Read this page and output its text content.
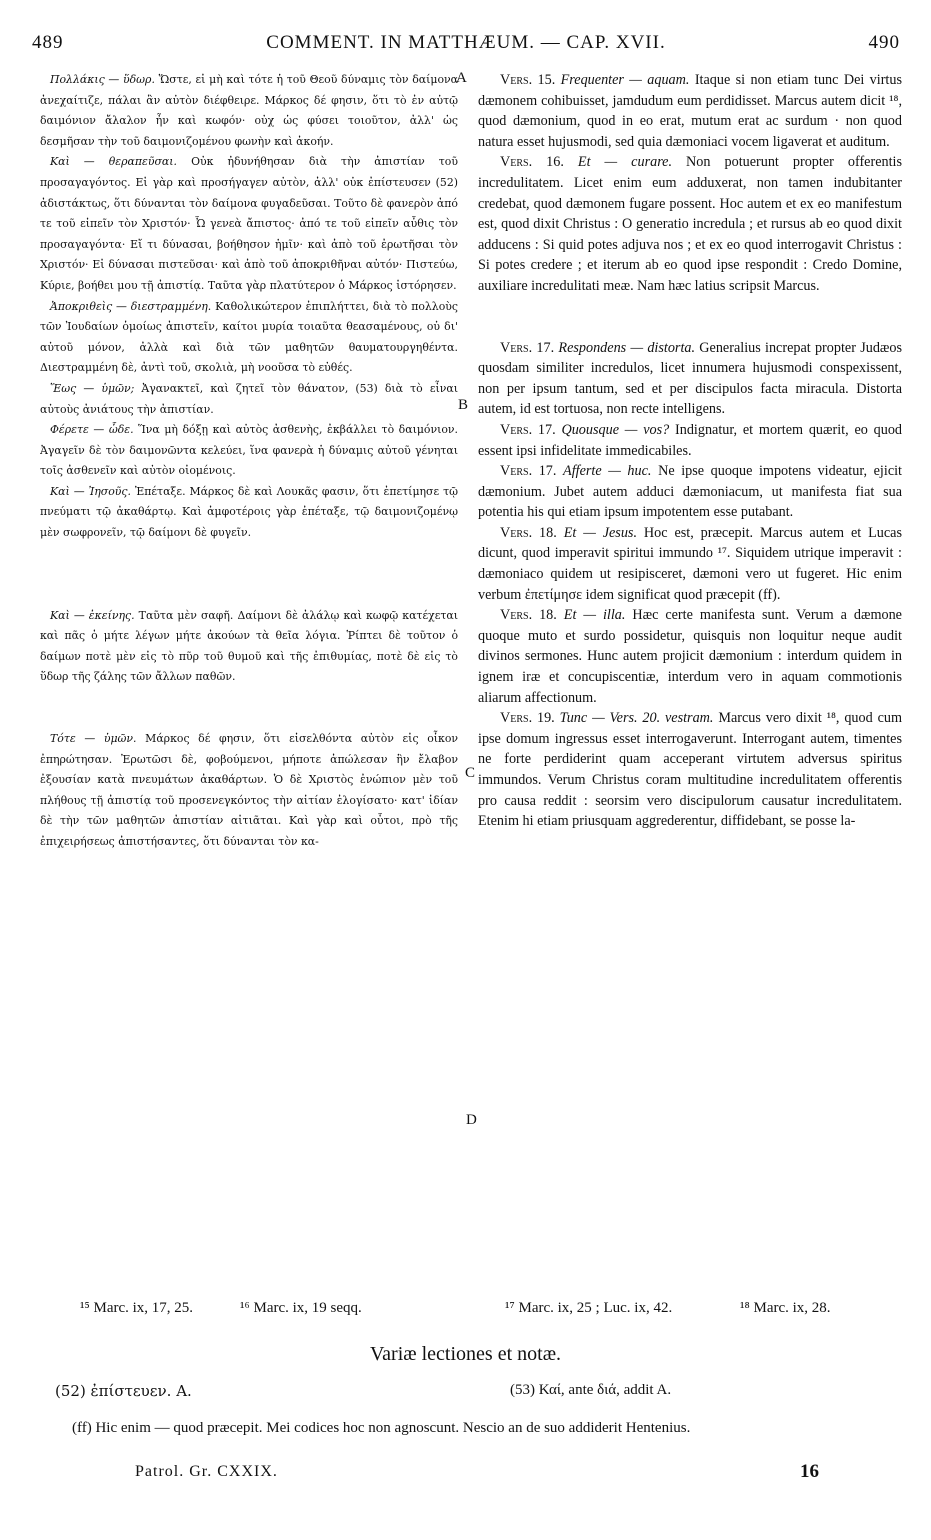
489	COMMENT. IN MATTHÆUM. — CAP. XVII.	490
A
B
C
D

Πολλάκις — ὕδωρ. Ὥστε, εἰ μὴ καὶ τότε ἡ τοῦ Θεοῦ δύναμις τὸν δαίμονα ἀνεχαίτιζε, πάλαι ἂν αὐτὸν διέφθειρε. Μάρκος δέ φησιν, ὅτι τὸ ἐν αὐτῷ δαιμόνιον ἄλαλον ἦν καὶ κωφόν· οὐχ ὡς φύσει τοιοῦτον, ἀλλ' ὡς δεσμῆσαν τὴν τοῦ δαιμονιζομένου φωνὴν καὶ ἀκοήν.

Καὶ — θεραπεῦσαι. Οὐκ ἠδυνήθησαν διὰ τὴν ἀπιστίαν τοῦ προσαγαγόντος. Εἰ γὰρ καὶ προσήγαγεν αὐτὸν, ἀλλ' οὐκ ἐπίστευσεν (52) ἀδιστάκτως, ὅτι δύνανται τὸν δαίμονα φυγαδεῦσαι. Τοῦτο δὲ φανερὸν ἀπό τε τοῦ εἰπεῖν τὸν Χριστόν· Ὦ γενεὰ ἄπιστος· ἀπό τε τοῦ εἰπεῖν αὖθις τὸν προσαγαγόντα· Εἴ τι δύνασαι, βοήθησον ἡμῖν· καὶ ἀπὸ τοῦ ἐρωτῆσαι τὸν Χριστόν· Εἰ δύνασαι πιστεῦσαι· καὶ ἀπὸ τοῦ ἀποκριθῆναι αὐτόν· Πιστεύω, Κύριε, βοήθει μου τῇ ἀπιστίᾳ. Ταῦτα γὰρ πλατύτερον ὁ Μάρκος ἱστόρησεν.

Ἀποκριθεὶς — διεστραμμένη. Καθολικώτερον ἐπιπλήττει, διὰ τὸ πολλοὺς τῶν Ἰουδαίων ὁμοίως ἀπιστεῖν, καίτοι μυρία τοιαῦτα θεασαμένους, οὐ δι' αὐτοῦ μόνον, ἀλλὰ καὶ διὰ τῶν μαθητῶν θαυματουργηθέντα. Διεστραμμένη δὲ, ἀντὶ τοῦ, σκολιὰ, μὴ νοοῦσα τὸ εὐθές.

Ἕως — ὑμῶν; Ἀγανακτεῖ, καὶ ζητεῖ τὸν θάνατον, (53) διὰ τὸ εἶναι αὐτοὺς ἀνιάτους τὴν ἀπιστίαν.

Φέρετε — ὧδε. Ἵνα μὴ δόξῃ καὶ αὐτὸς ἀσθενὴς, ἐκβάλλει τὸ δαιμόνιον. Ἀγαγεῖν δὲ τὸν δαιμονῶντα κελεύει, ἵνα φανερὰ ἡ δύναμις αὐτοῦ γένηται τοῖς ἀσθενεῖν καὶ αὐτὸν οἰομένοις.

Καὶ — Ἰησοῦς. Ἐπέταξε. Μάρκος δὲ καὶ Λουκᾶς φασιν, ὅτι ἐπετίμησε τῷ πνεύματι τῷ ἀκαθάρτῳ. Καὶ ἀμφοτέροις γὰρ ἐπέταξε, τῷ δαιμονιζομένῳ μὲν σωφρονεῖν, τῷ δαίμονι δὲ φυγεῖν.

Καὶ — ἐκείνης. Ταῦτα μὲν σαφῆ. Δαίμονι δὲ ἀλάλῳ καὶ κωφῷ κατέχεται καὶ πᾶς ὁ μήτε λέγων μήτε ἀκούων τὰ θεῖα λόγια. Ῥίπτει δὲ τοῦτον ὁ δαίμων ποτὲ μὲν εἰς τὸ πῦρ τοῦ θυμοῦ καὶ τῆς ἐπιθυμίας, ποτὲ δὲ εἰς τὸ ὕδωρ τῆς ζάλης τῶν ἄλλων παθῶν.

Τότε — ὑμῶν. Μάρκος δέ φησιν, ὅτι εἰσελθόντα αὐτὸν εἰς οἶκον ἐπηρώτησαν. Ἐρωτῶσι δὲ, φοβούμενοι, μήποτε ἀπώλεσαν ἣν ἔλαβον ἐξουσίαν κατὰ πνευμάτων ἀκαθάρτων. Ὁ δὲ Χριστὸς ἐνώπιον μὲν τοῦ πλήθους τῇ ἀπιστίᾳ τοῦ προσενεγκόντος τὴν αἰτίαν ἐλογίσατο· κατ' ἰδίαν δὲ τὴν τῶν μαθητῶν ἀπιστίαν αἰτιᾶται. Καὶ γὰρ καὶ οὗτοι, πρὸ τῆς ἐπιχειρήσεως ἀπιστήσαντες, ὅτι δύνανται τὸν κα-

Vers. 15. Frequenter — aquam. Itaque si non etiam tunc Dei virtus dæmonem cohibuisset, jamdudum eum perdidisset. Marcus autem dicit ¹⁸, quod dæmonium, quod in eo erat, mutum erat ac surdum · non quod natura esset hujusmodi, sed quia dæmoniaci vocem ligaverat et auditum.

Vers. 16. Et — curare. Non potuerunt propter offerentis incredulitatem. Licet enim eum adduxerat, non tamen indubitanter credebat, quod dæmonem fugare possent. Hoc autem et ex eo manifestum est, quod dixit Christus : O generatio incredula ; et rursus ab eo quod dixit adducens : Si quid potes adjuva nos ; et ex eo quod interrogavit Christus : Si potes credere ; et iterum ab eo quod ipse respondit : Credo Domine, auxiliare incredulitati meæ. Nam hæc latius scripsit Marcus.

Vers. 17. Respondens — distorta. Generalius increpat propter Judæos quosdam similiter incredulos, licet innumera hujusmodi conspexissent, non per ipsum tantum, sed et per discipulos facta miracula. Distorta autem, id est tortuosa, non recte intelligens.

Vers. 17. Quousque — vos? Indignatur, et mortem quærit, eo quod essent ipsi infidelitate immedicabiles.

Vers. 17. Afferte — huc. Ne ipse quoque impotens videatur, ejicit dæmonium. Jubet autem adduci dæmoniacum, ut manifesta fiat sua potentia his qui etiam ipsum impotentem esse putabant.

Vers. 18. Et — Jesus. Hoc est, præcepit. Marcus autem et Lucas dicunt, quod imperavit spiritui immundo ¹⁷. Siquidem utrique imperavit : dæmoniaco quidem ut resipisceret, dæmoni vero ut fugeret. Hic enim verbum ἐπετίμησε idem significat quod præcepit (ff).

Vers. 18. Et — illa. Hæc certe manifesta sunt. Verum a dæmone quoque muto et surdo possidetur, quisquis non loquitur neque audit divinos sermones. Hunc autem projicit dæmonium : interdum quidem in ignem iræ et concupiscentiæ, interdum vero in aquam commotionis aliarum affectionum.

Vers. 19. Tunc — Vers. 20. vestram. Marcus vero dixit ¹⁸, quod cum ipse domum ingressus esset interrogaverunt. Interrogant autem, timentes ne forte perdiderint quam acceperant virtutem adversus spiritus immundos. Verum Christus coram multitudine incredulitatem offerentis pro causa reddit : seorsim vero discipulorum causatur incredulitatem. Etenim hi etiam priusquam aggrederentur, diffidebant, se posse la-

¹⁵ Marc. ix, 17, 25.	¹⁶ Marc. ix, 19 seqq.	¹⁷ Marc. ix, 25 ; Luc. ix, 42.	¹⁸ Marc. ix, 28.
Variæ lectiones et notæ.
(52) ἐπίστευεν. A.	(53) Καί, ante διά, addit A.

(ff) Hic enim — quod præcepit. Mei codices hoc non agnoscunt. Nescio an de suo addiderit Hentenius.

Patrol. Gr. CXXIX.	16
